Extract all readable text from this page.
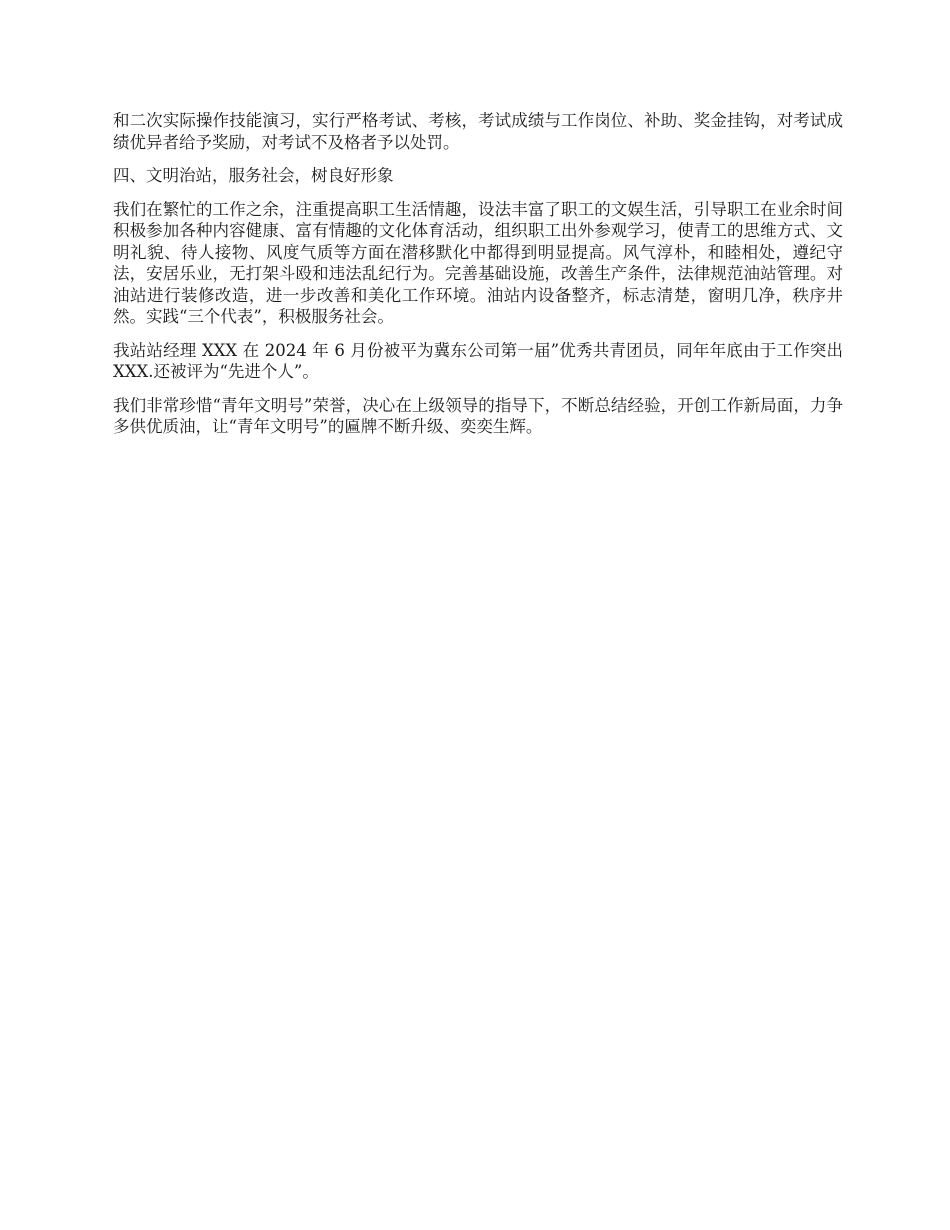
和二次实际操作技能演习，实行严格考试、考核，考试成绩与工作岗位、补助、奖金挂钩，对考试成绩优异者给予奖励，对考试不及格者予以处罚。

四、文明治站，服务社会，树良好形象

我们在繁忙的工作之余，注重提高职工生活情趣，设法丰富了职工的文娱生活，引导职工在业余时间积极参加各种内容健康、富有情趣的文化体育活动，组织职工出外参观学习，使青工的思维方式、文明礼貌、待人接物、风度气质等方面在潜移默化中都得到明显提高。风气淳朴，和睦相处，遵纪守法，安居乐业，无打架斗殴和违法乱纪行为。完善基础设施，改善生产条件，法律规范油站管理。对油站进行装修改造，进一步改善和美化工作环境。油站内设备整齐，标志清楚，窗明几净，秩序井然。实践“三个代表”，积极服务社会。

我站站经理 XXX 在 2024 年 6 月份被平为冀东公司第一届”优秀共青团员，同年年底由于工作突出 XXX.还被评为“先进个人”。

我们非常珍惜“青年文明号”荣誉，决心在上级领导的指导下，不断总结经验，开创工作新局面，力争多供优质油，让“青年文明号”的匾牌不断升级、奕奕生辉。
